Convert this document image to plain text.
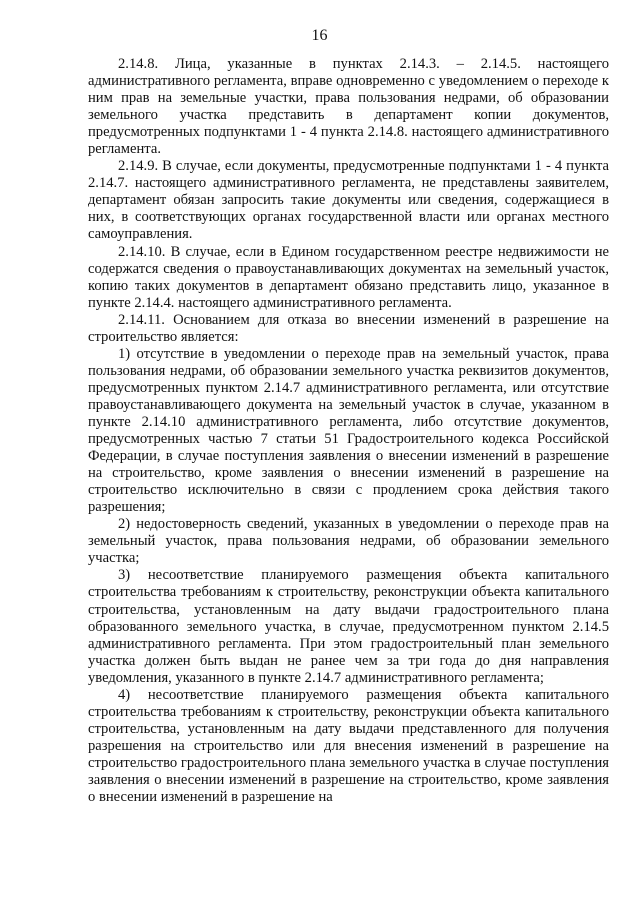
16

2.14.8. Лица, указанные в пунктах 2.14.3. – 2.14.5. настоящего административного регламента, вправе одновременно с уведомлением о переходе к ним прав на земельные участки, права пользования недрами, об образовании земельного участка представить в департамент копии документов, предусмотренных подпунктами 1 - 4 пункта 2.14.8. настоящего административного регламента.

2.14.9. В случае, если документы, предусмотренные подпунктами 1 - 4 пункта 2.14.7. настоящего административного регламента, не представлены заявителем, департамент обязан запросить такие документы или сведения, содержащиеся в них, в соответствующих органах государственной власти или органах местного самоуправления.

2.14.10. В случае, если в Едином государственном реестре недвижимости не содержатся сведения о правоустанавливающих документах на земельный участок, копию таких документов в департамент обязано представить лицо, указанное в пункте 2.14.4. настоящего административного регламента.

2.14.11. Основанием для отказа во внесении изменений в разрешение на строительство является:

1) отсутствие в уведомлении о переходе прав на земельный участок, права пользования недрами, об образовании земельного участка реквизитов документов, предусмотренных пунктом 2.14.7 административного регламента, или отсутствие правоустанавливающего документа на земельный участок в случае, указанном в пункте 2.14.10 административного регламента, либо отсутствие документов, предусмотренных частью 7 статьи 51 Градостроительного кодекса Российской Федерации, в случае поступления заявления о внесении изменений в разрешение на строительство, кроме заявления о внесении изменений в разрешение на строительство исключительно в связи с продлением срока действия такого разрешения;

2) недостоверность сведений, указанных в уведомлении о переходе прав на земельный участок, права пользования недрами, об образовании земельного участка;

3) несоответствие планируемого размещения объекта капитального строительства требованиям к строительству, реконструкции объекта капитального строительства, установленным на дату выдачи градостроительного плана образованного земельного участка, в случае, предусмотренном пунктом 2.14.5 административного регламента. При этом градостроительный план земельного участка должен быть выдан не ранее чем за три года до дня направления уведомления, указанного в пункте 2.14.7 административного регламента;

4) несоответствие планируемого размещения объекта капитального строительства требованиям к строительству, реконструкции объекта капитального строительства, установленным на дату выдачи представленного для получения разрешения на строительство или для внесения изменений в разрешение на строительство градостроительного плана земельного участка в случае поступления заявления о внесении изменений в разрешение на строительство, кроме заявления о внесении изменений в разрешение на
